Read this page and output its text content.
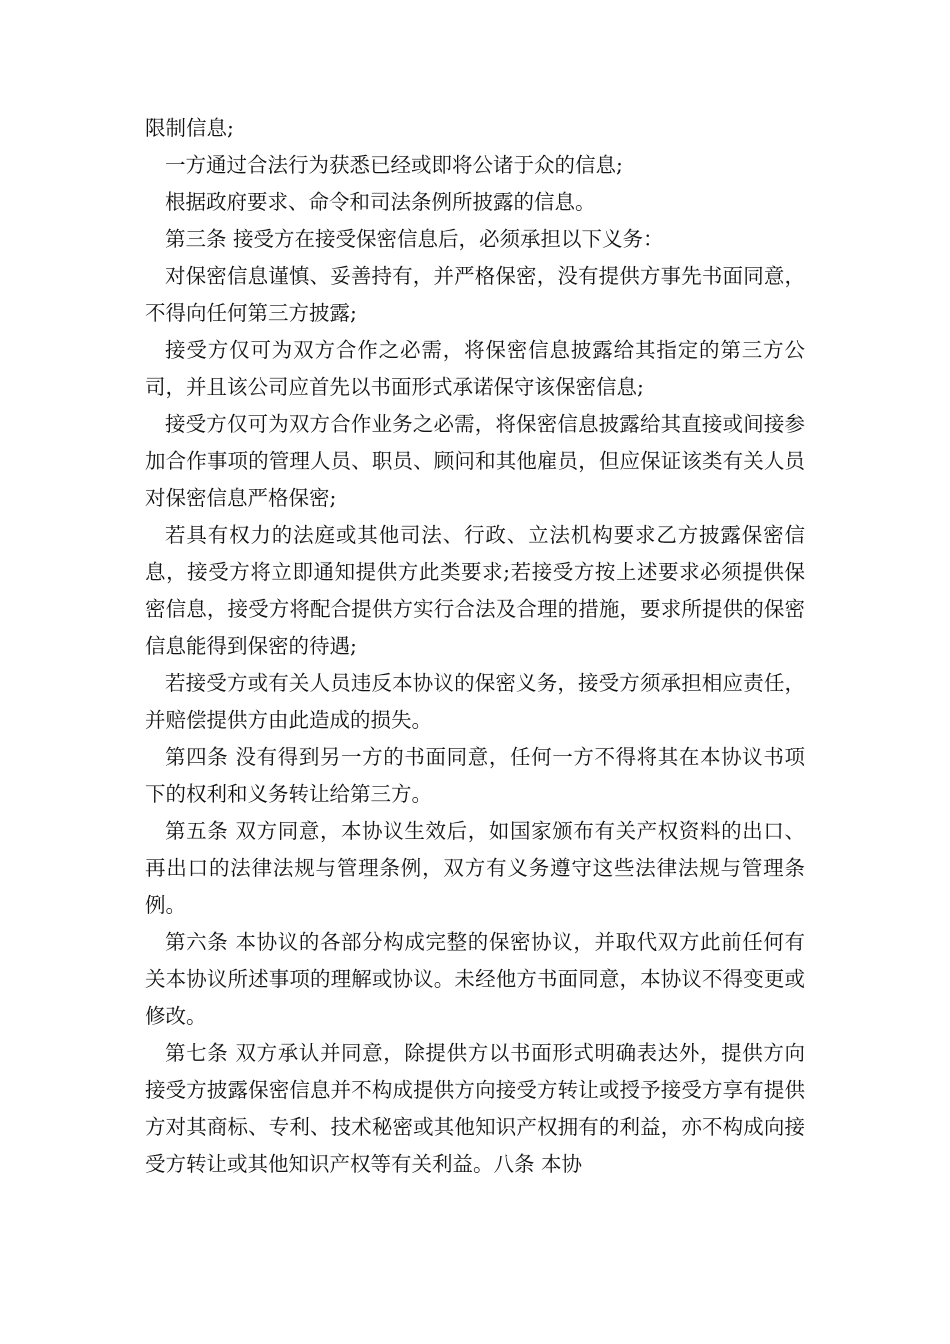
限制信息;

一方通过合法行为获悉已经或即将公诸于众的信息;

根据政府要求、命令和司法条例所披露的信息。

第三条 接受方在接受保密信息后，必须承担以下义务：

对保密信息谨慎、妥善持有，并严格保密，没有提供方事先书面同意，不得向任何第三方披露;

接受方仅可为双方合作之必需，将保密信息披露给其指定的第三方公司，并且该公司应首先以书面形式承诺保守该保密信息;

接受方仅可为双方合作业务之必需，将保密信息披露给其直接或间接参加合作事项的管理人员、职员、顾问和其他雇员，但应保证该类有关人员对保密信息严格保密;

若具有权力的法庭或其他司法、行政、立法机构要求乙方披露保密信息，接受方将立即通知提供方此类要求;若接受方按上述要求必须提供保密信息，接受方将配合提供方实行合法及合理的措施，要求所提供的保密信息能得到保密的待遇;

若接受方或有关人员违反本协议的保密义务，接受方须承担相应责任，并赔偿提供方由此造成的损失。

第四条 没有得到另一方的书面同意，任何一方不得将其在本协议书项下的权利和义务转让给第三方。

第五条 双方同意，本协议生效后，如国家颁布有关产权资料的出口、再出口的法律法规与管理条例，双方有义务遵守这些法律法规与管理条例。

第六条 本协议的各部分构成完整的保密协议，并取代双方此前任何有关本协议所述事项的理解或协议。未经他方书面同意，本协议不得变更或修改。

第七条 双方承认并同意，除提供方以书面形式明确表达外，提供方向接受方披露保密信息并不构成提供方向接受方转让或授予接受方享有提供方对其商标、专利、技术秘密或其他知识产权拥有的利益，亦不构成向接受方转让或其他知识产权等有关利益。八条 本协
